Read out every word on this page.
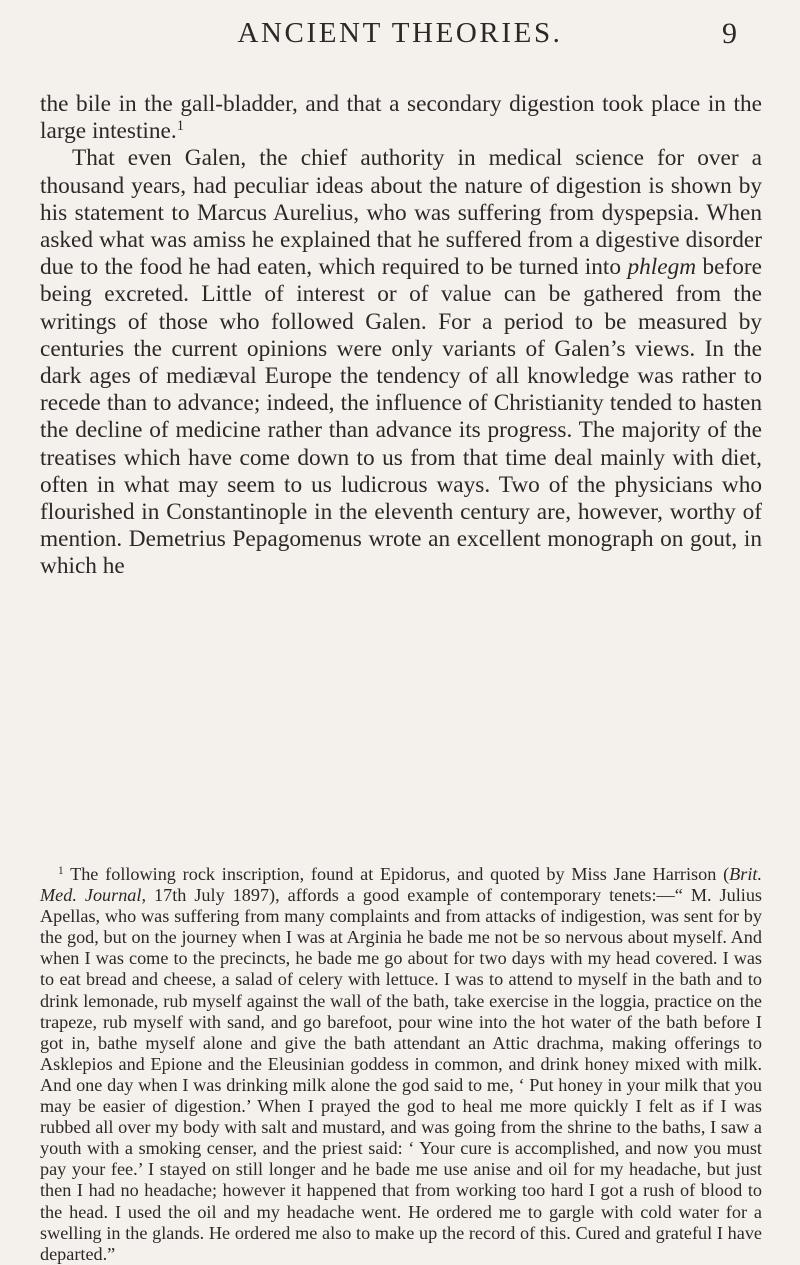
ANCIENT THEORIES.	9

the bile in the gall-bladder, and that a secondary digestion took place in the large intestine.$^1$

That even Galen, the chief authority in medical science for over a thousand years, had peculiar ideas about the nature of digestion is shown by his statement to Marcus Aurelius, who was suffering from dyspepsia. When asked what was amiss he explained that he suffered from a digestive disorder due to the food he had eaten, which required to be turned into phlegm before being excreted. Little of interest or of value can be gathered from the writings of those who followed Galen. For a period to be measured by centuries the current opinions were only variants of Galen’s views. In the dark ages of mediæval Europe the tendency of all knowledge was rather to recede than to advance; indeed, the influence of Christianity tended to hasten the decline of medicine rather than advance its progress. The majority of the treatises which have come down to us from that time deal mainly with diet, often in what may seem to us ludicrous ways. Two of the physicians who flourished in Constantinople in the eleventh century are, however, worthy of mention. Demetrius Pepagomenus wrote an excellent monograph on gout, in which he

$^1$ The following rock inscription, found at Epidorus, and quoted by Miss Jane Harrison (Brit. Med. Journal, 17th July 1897), affords a good example of contemporary tenets:—“ M. Julius Apellas, who was suffering from many complaints and from attacks of indigestion, was sent for by the god, but on the journey when I was at Arginia he bade me not be so nervous about myself. And when I was come to the precincts, he bade me go about for two days with my head covered. I was to eat bread and cheese, a salad of celery with lettuce. I was to attend to myself in the bath and to drink lemonade, rub myself against the wall of the bath, take exercise in the loggia, practice on the trapeze, rub myself with sand, and go barefoot, pour wine into the hot water of the bath before I got in, bathe myself alone and give the bath attendant an Attic drachma, making offerings to Asklepios and Epione and the Eleusinian goddess in common, and drink honey mixed with milk. And one day when I was drinking milk alone the god said to me, ‘ Put honey in your milk that you may be easier of digestion.’ When I prayed the god to heal me more quickly I felt as if I was rubbed all over my body with salt and mustard, and was going from the shrine to the baths, I saw a youth with a smoking censer, and the priest said: ‘ Your cure is accomplished, and now you must pay your fee.’ I stayed on still longer and he bade me use anise and oil for my headache, but just then I had no headache; however it happened that from working too hard I got a rush of blood to the head. I used the oil and my headache went. He ordered me to gargle with cold water for a swelling in the glands. He ordered me also to make up the record of this. Cured and grateful I have departed.”
